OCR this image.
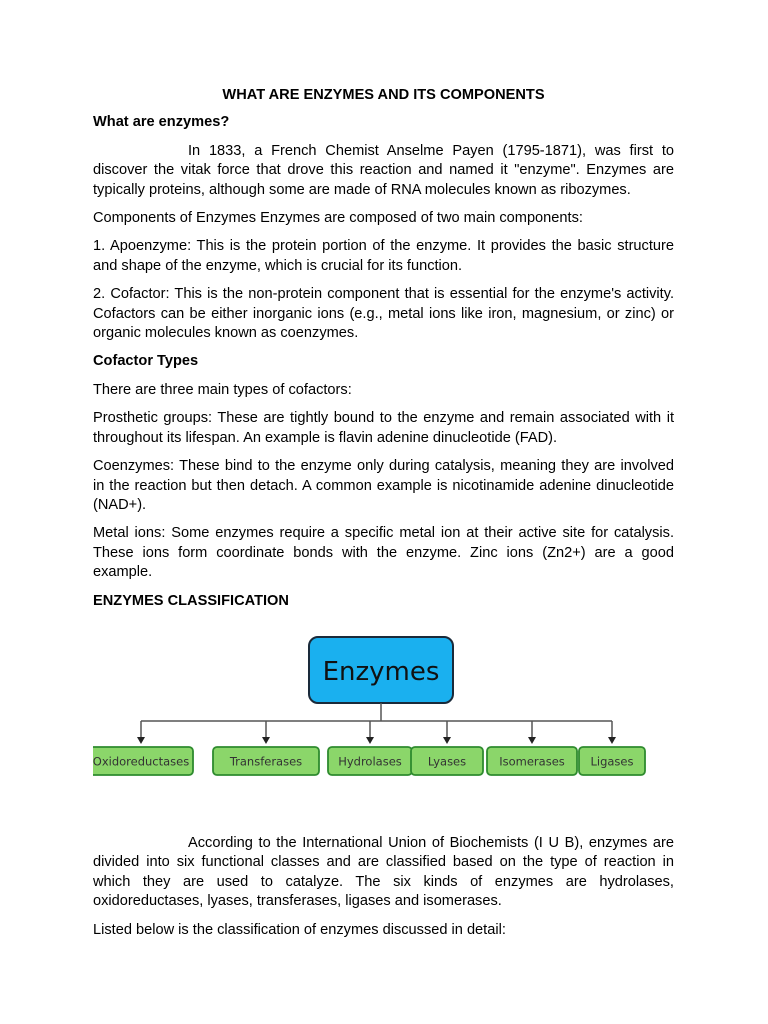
WHAT ARE ENZYMES AND ITS COMPONENTS
What are enzymes?

In 1833, a French Chemist Anselme Payen (1795-1871), was first to discover the vitak force that drove this reaction and named it "enzyme". Enzymes are typically proteins, although some are made of RNA molecules known as ribozymes.

Components of Enzymes Enzymes are composed of two main components:

1. Apoenzyme: This is the protein portion of the enzyme. It provides the basic structure and shape of the enzyme, which is crucial for its function.

2. Cofactor: This is the non-protein component that is essential for the enzyme's activity. Cofactors can be either inorganic ions (e.g., metal ions like iron, magnesium, or zinc) or organic molecules known as coenzymes.

Cofactor Types

There are three main types of cofactors:

Prosthetic groups: These are tightly bound to the enzyme and remain associated with it throughout its lifespan. An example is flavin adenine dinucleotide (FAD).

Coenzymes: These bind to the enzyme only during catalysis, meaning they are involved in the reaction but then detach. A common example is nicotinamide adenine dinucleotide (NAD+).

Metal ions: Some enzymes require a specific metal ion at their active site for catalysis. These ions form coordinate bonds with the enzyme. Zinc ions (Zn2+) are a good example.

ENZYMES CLASSIFICATION
Enzymes
Oxidoreductases	Transferases	Hydrolases Lyases	Isomerases Ligases

According to the International Union of Biochemists (I U B), enzymes are divided into six functional classes and are classified based on the type of reaction in which they are used to catalyze. The six kinds of enzymes are hydrolases, oxidoreductases, lyases, transferases, ligases and isomerases.

Listed below is the classification of enzymes discussed in detail:
